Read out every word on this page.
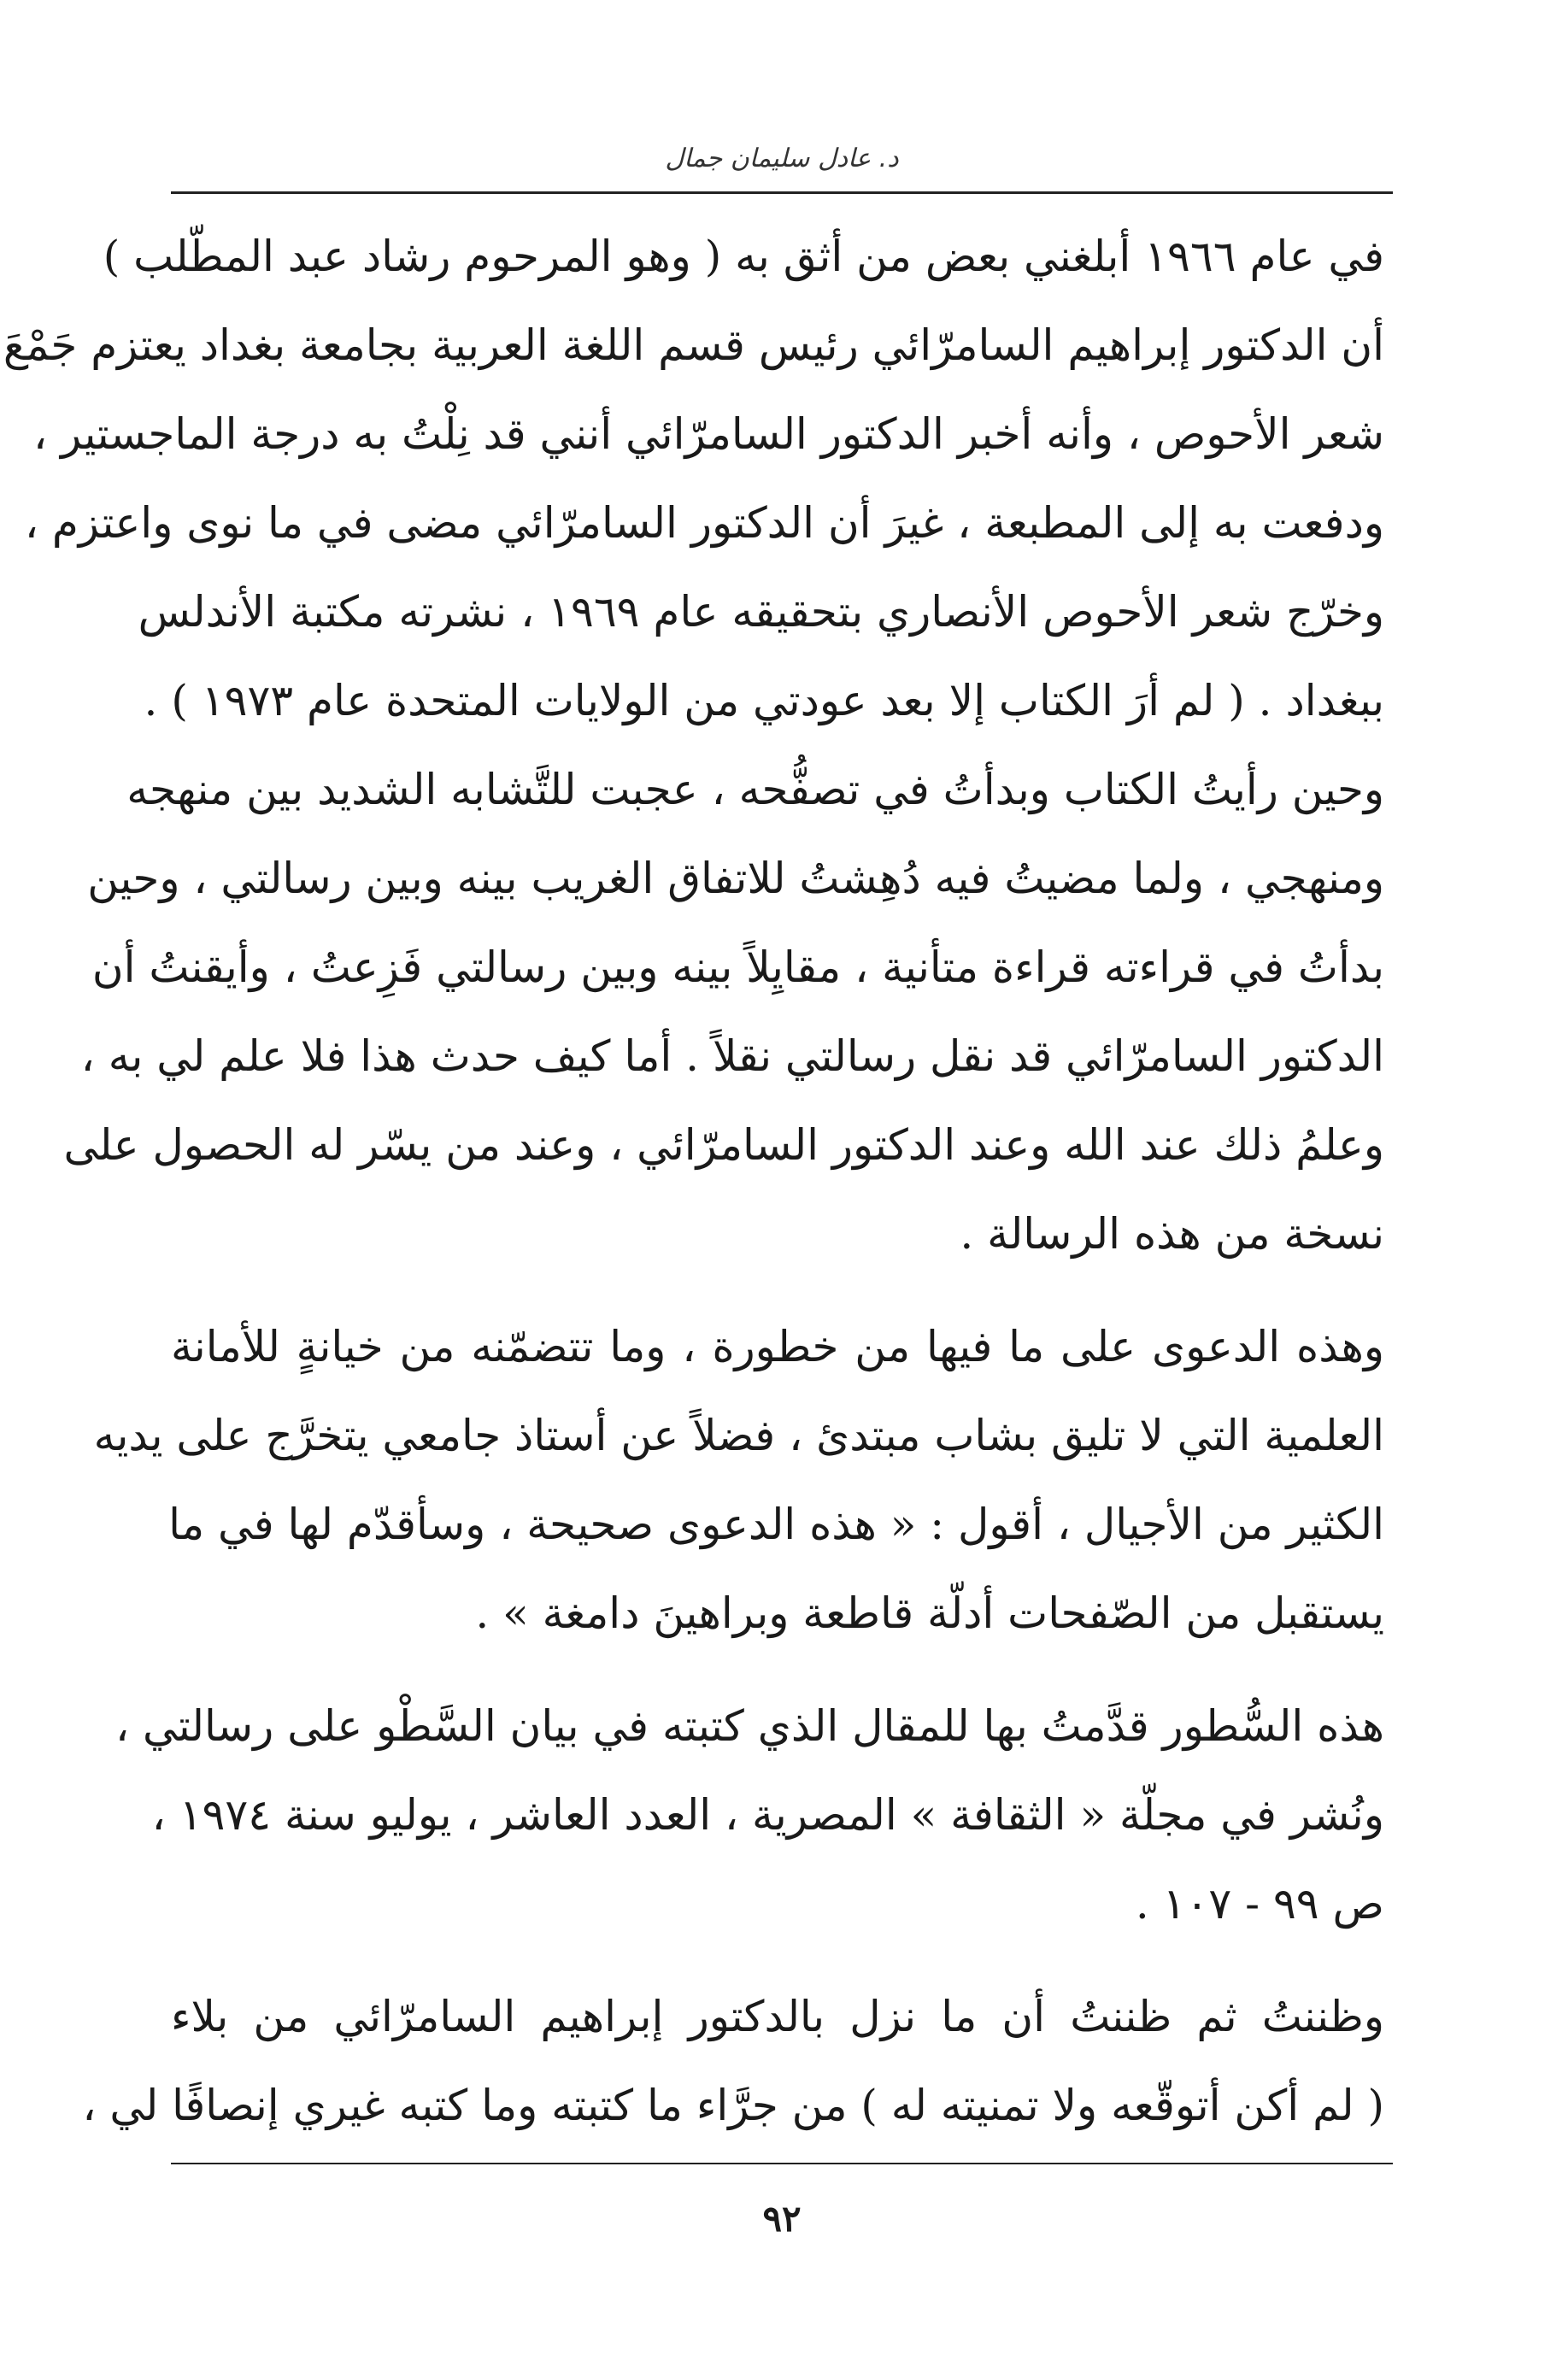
د. عادل سليمان جمال

في عام ١٩٦٦ أبلغني بعض من أثق به ( وهو المرحوم رشاد عبد المطّلب )
أن الدكتور إبراهيم السامرّائي رئيس قسم اللغة العربية بجامعة بغداد يعتزم جَمْعَ
شعر الأحوص ، وأنه أخبر الدكتور السامرّائي أنني قد نِلْتُ به درجة الماجستير ،
ودفعت به إلى المطبعة ، غيرَ أن الدكتور السامرّائي مضى في ما نوى واعتزم ،
وخرّج شعر الأحوص الأنصاري بتحقيقه عام ١٩٦٩ ، نشرته مكتبة الأندلس
ببغداد . ( لم أرَ الكتاب إلا بعد عودتي من الولايات المتحدة عام ١٩٧٣ ) .
وحين رأيتُ الكتاب وبدأتُ في تصفُّحه ، عجبت للتَّشابه الشديد بين منهجه
ومنهجي ، ولما مضيتُ فيه دُهِشتُ للاتفاق الغريب بينه وبين رسالتي ، وحين
بدأتُ في قراءته قراءة متأنية ، مقايِلاً بينه وبين رسالتي فَزِعتُ ، وأيقنتُ أن
الدكتور السامرّائي قد نقل رسالتي نقلاً . أما كيف حدث هذا فلا علم لي به ،
وعلمُ ذلك عند الله وعند الدكتور السامرّائي ، وعند من يسّر له الحصول على
نسخة من هذه الرسالة .

وهذه الدعوى على ما فيها من خطورة ، وما تتضمّنه من خيانةٍ للأمانة
العلمية التي لا تليق بشاب مبتدئ ، فضلاً عن أستاذ جامعي يتخرَّج على يديه
الكثير من الأجيال ، أقول : « هذه الدعوى صحيحة ، وسأقدّم لها في ما
يستقبل من الصّفحات أدلّة قاطعة وبراهينَ دامغة » .

هذه السُّطور قدَّمتُ بها للمقال الذي كتبته في بيان السَّطْو على رسالتي ،
ونُشر في مجلّة « الثقافة » المصرية ، العدد العاشر ، يوليو سنة ١٩٧٤ ،
ص ٩٩ - ١٠٧ .

وظننتُ ثم ظننتُ أن ما نزل بالدكتور إبراهيم السامرّائي من بلاء
( لم أكن أتوقّعه ولا تمنيته له ) من جرَّاء ما كتبته وما كتبه غيري إنصافًا لي ،

٩٢
